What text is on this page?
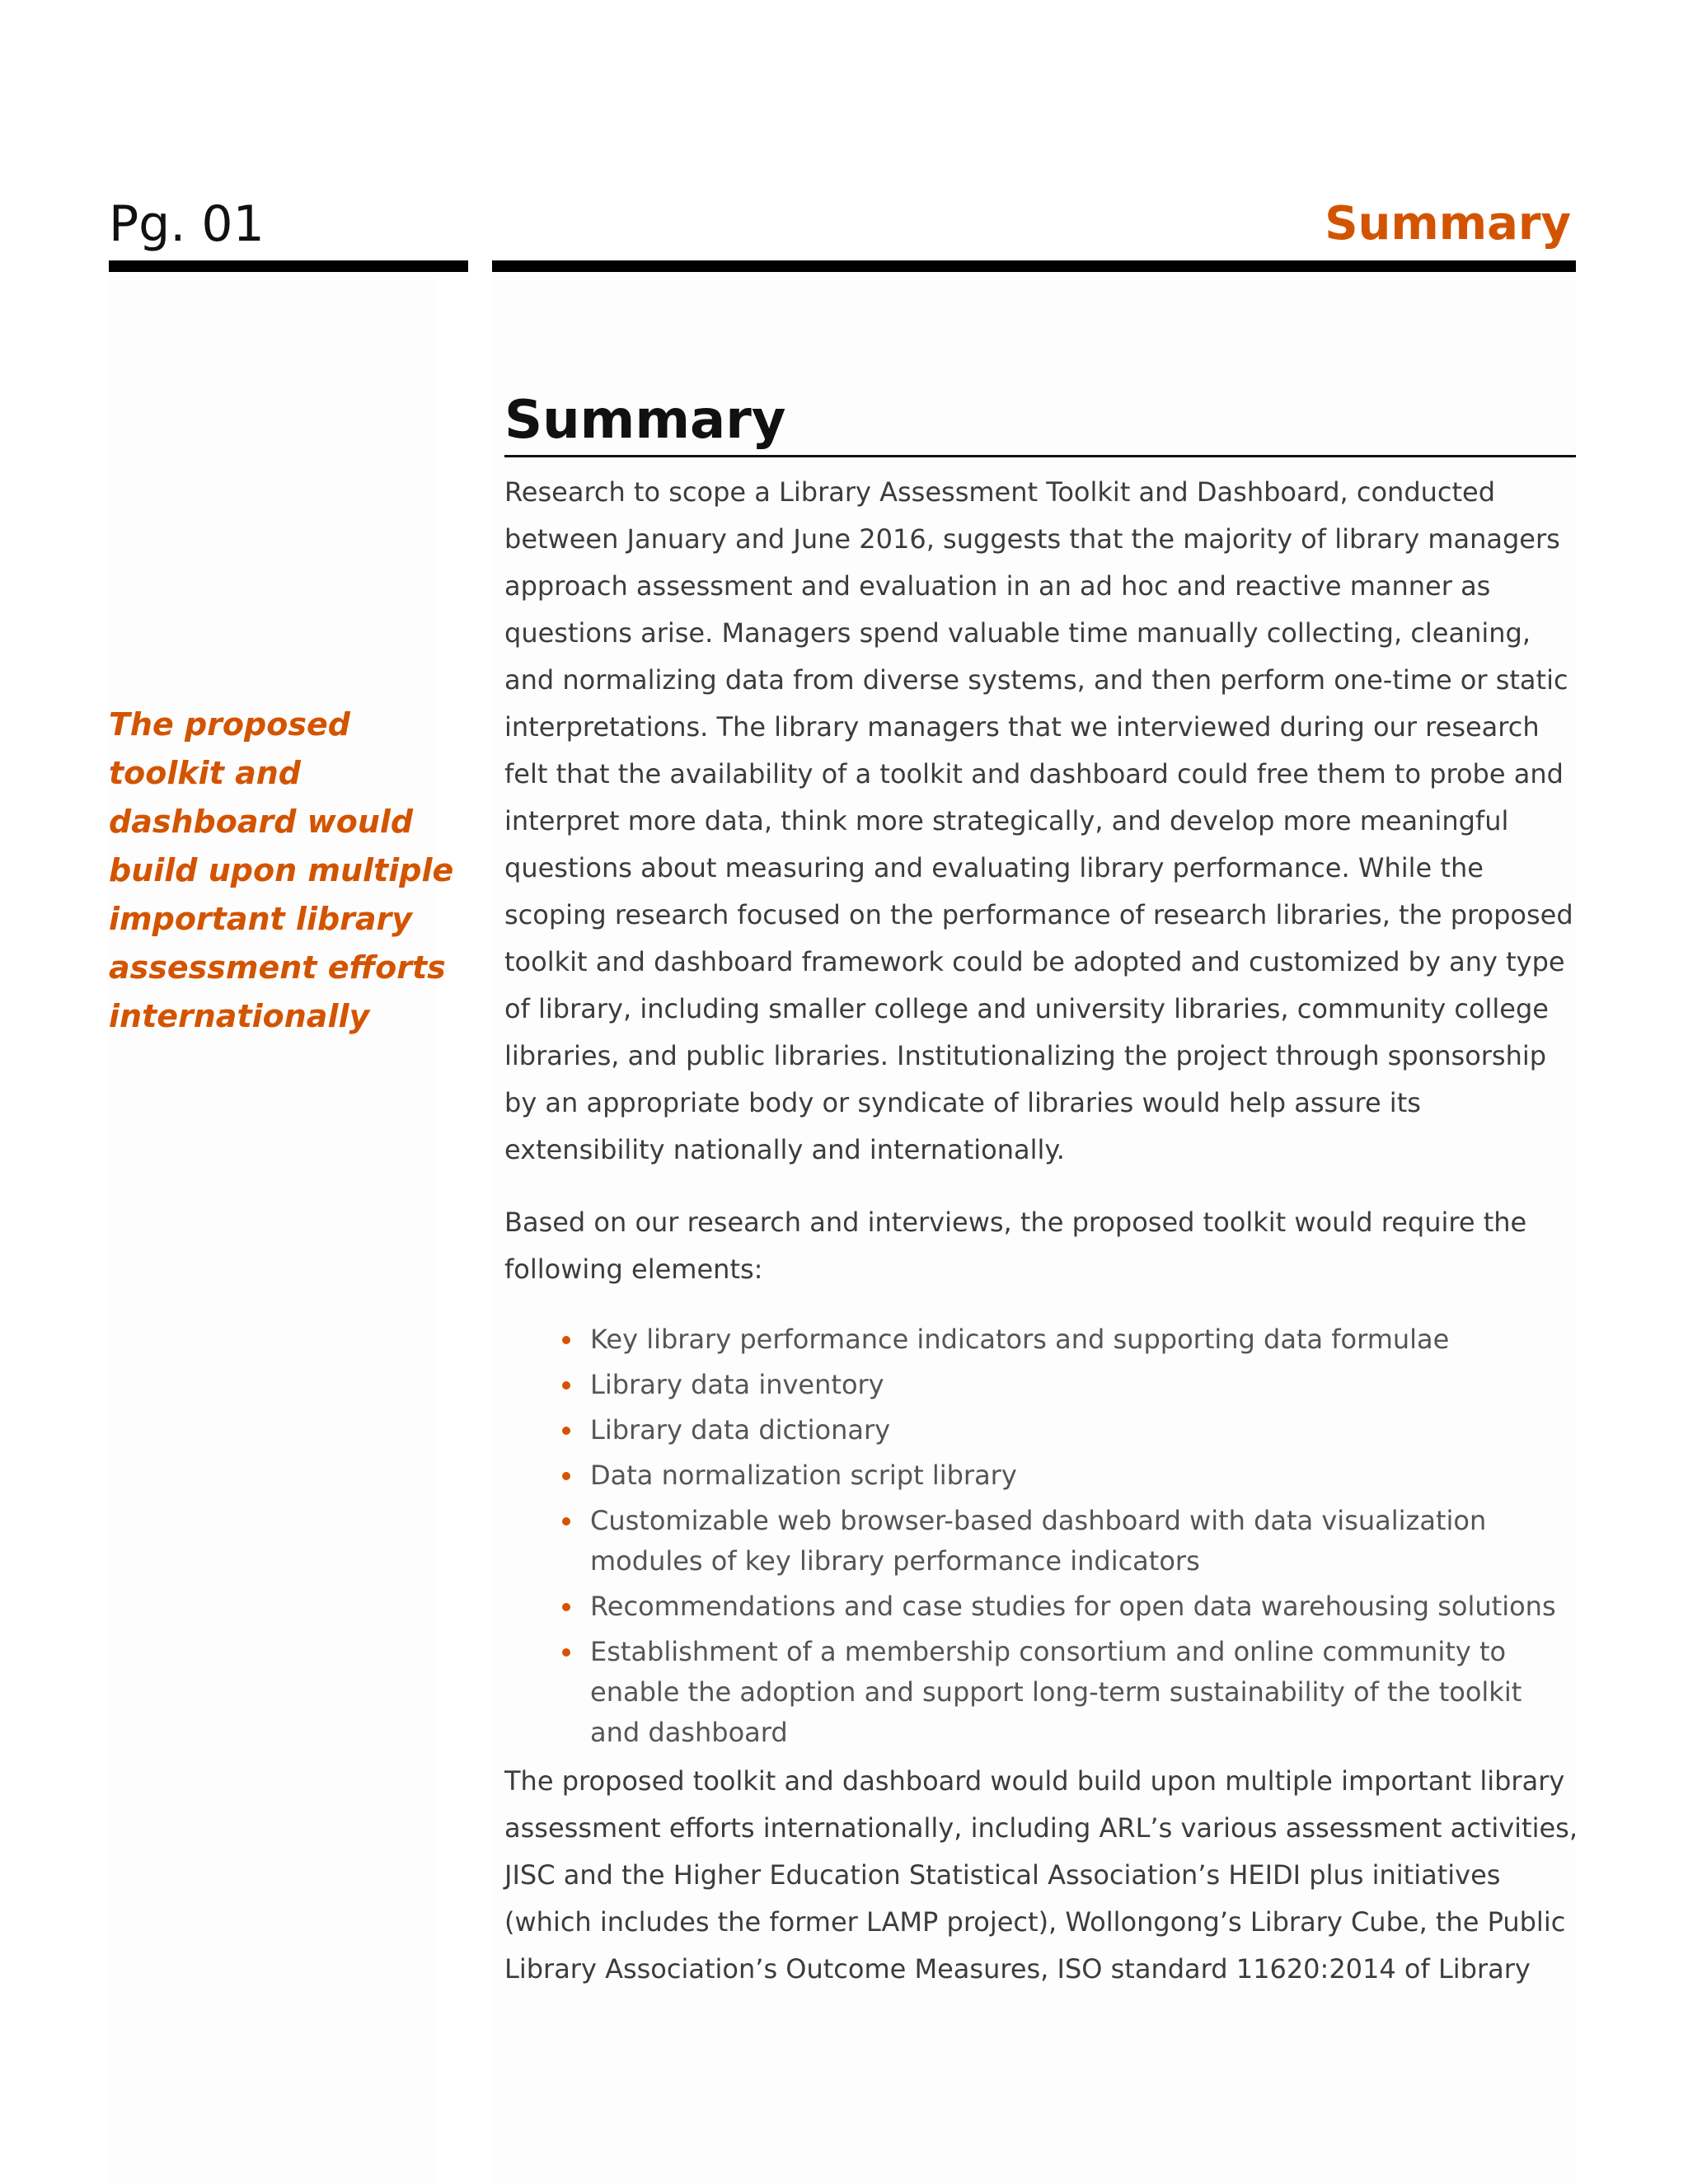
Pg. 01	Summary

The proposed toolkit and dashboard would build upon multiple important library assessment efforts internationally

Summary

Research to scope a Library Assessment Toolkit and Dashboard, conducted between January and June 2016, suggests that the majority of library managers approach assessment and evaluation in an ad hoc and reactive manner as questions arise. Managers spend valuable time manually collecting, cleaning, and normalizing data from diverse systems, and then perform one-time or static interpretations. The library managers that we interviewed during our research felt that the availability of a toolkit and dashboard could free them to probe and interpret more data, think more strategically, and develop more meaningful questions about measuring and evaluating library performance. While the scoping research focused on the performance of research libraries, the proposed toolkit and dashboard framework could be adopted and customized by any type of library, including smaller college and university libraries, community college libraries, and public libraries. Institutionalizing the project through sponsorship by an appropriate body or syndicate of libraries would help assure its extensibility nationally and internationally.

Based on our research and interviews, the proposed toolkit would require the following elements:

Key library performance indicators and supporting data formulae
Library data inventory
Library data dictionary
Data normalization script library
Customizable web browser-based dashboard with data visualization modules of key library performance indicators
Recommendations and case studies for open data warehousing solutions
Establishment of a membership consortium and online community to enable the adoption and support long-term sustainability of the toolkit and dashboard

The proposed toolkit and dashboard would build upon multiple important library assessment efforts internationally, including ARL’s various assessment activities, JISC and the Higher Education Statistical Association’s HEIDI plus initiatives (which includes the former LAMP project), Wollongong’s Library Cube, the Public Library Association’s Outcome Measures, ISO standard 11620:2014 of Library
